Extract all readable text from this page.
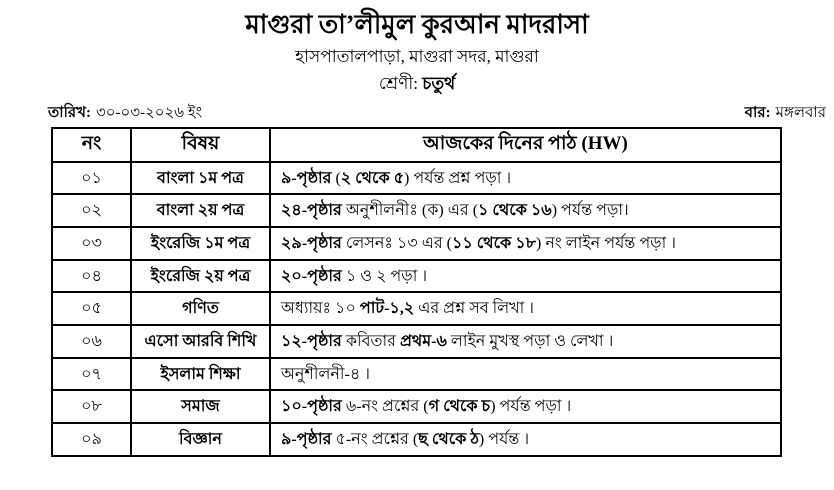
মাগুরা তা’লীমুল কুরআন মাদরাসা
হাসপাতালপাড়া, মাগুরা সদর, মাগুরা
শ্রেণী: চতুর্থ
তারিখ: ৩০-০৩-২০২৬ ইং	বার: মঙ্গলবার
নং	বিষয়	আজকের দিনের পাঠ (HW)
০১	বাংলা ১ম পত্র	৯-পৃষ্ঠার (২ থেকে ৫) পর্যন্ত প্রশ্ন পড়া ।
০২	বাংলা ২য় পত্র	২৪-পৃষ্ঠার অনুশীলনীঃ (ক) এর (১ থেকে ১৬) পর্যন্ত পড়া।
০৩	ইংরেজি ১ম পত্র	২৯-পৃষ্ঠার লেসনঃ ১৩ এর (১১ থেকে ১৮) নং লাইন পর্যন্ত পড়া ।
০৪	ইংরেজি ২য় পত্র	২০-পৃষ্ঠার ১ ও ২ পড়া ।
০৫	গণিত	অধ্যায়ঃ ১০ পাট-১,২ এর প্রশ্ন সব লিখা ।
০৬	এসো আরবি শিখি	১২-পৃষ্ঠার কবিতার প্রথম-৬ লাইন মুখস্থ পড়া ও লেখা ।
০৭	ইসলাম শিক্ষা	অনুশীলনী-৪ ।
০৮	সমাজ	১০-পৃষ্ঠার ৬-নং প্রশ্নের (গ থেকে চ) পর্যন্ত পড়া ।
০৯	বিজ্ঞান	৯-পৃষ্ঠার ৫-নং প্রশ্নের (ছ থেকে ঠ) পর্যন্ত ।
